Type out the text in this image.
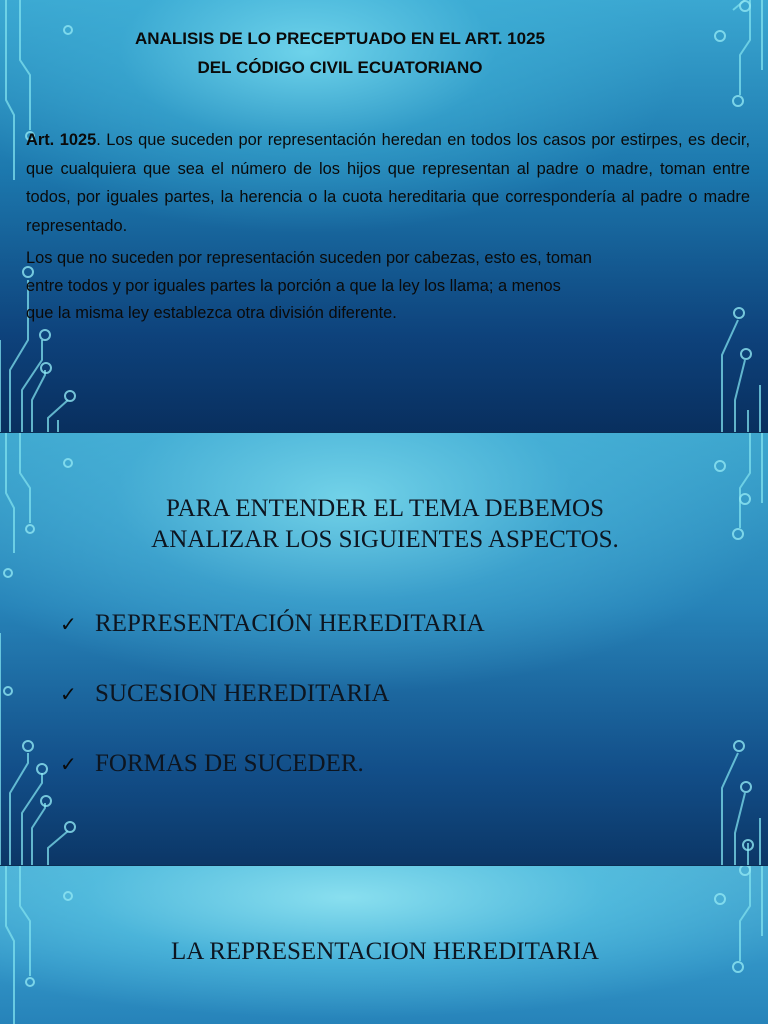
ANALISIS DE LO PRECEPTUADO EN EL ART. 1025
DEL CÓDIGO CIVIL ECUATORIANO
Art. 1025. Los que suceden por representación heredan en todos los casos por estirpes, es decir, que cualquiera que sea el número de los hijos que representan al padre o madre, toman entre todos, por iguales partes, la herencia o la cuota hereditaria que correspondería al padre o madre representado.
Los que no suceden por representación suceden por cabezas, esto es, toman
entre todos y por iguales partes la porción a que la ley los llama; a menos
que la misma ley establezca otra división diferente.
PARA ENTENDER EL TEMA DEBEMOS
ANALIZAR LOS SIGUIENTES ASPECTOS.
✓ REPRESENTACIÓN HEREDITARIA
✓ SUCESION HEREDITARIA
✓ FORMAS DE SUCEDER.
LA REPRESENTACION HEREDITARIA
